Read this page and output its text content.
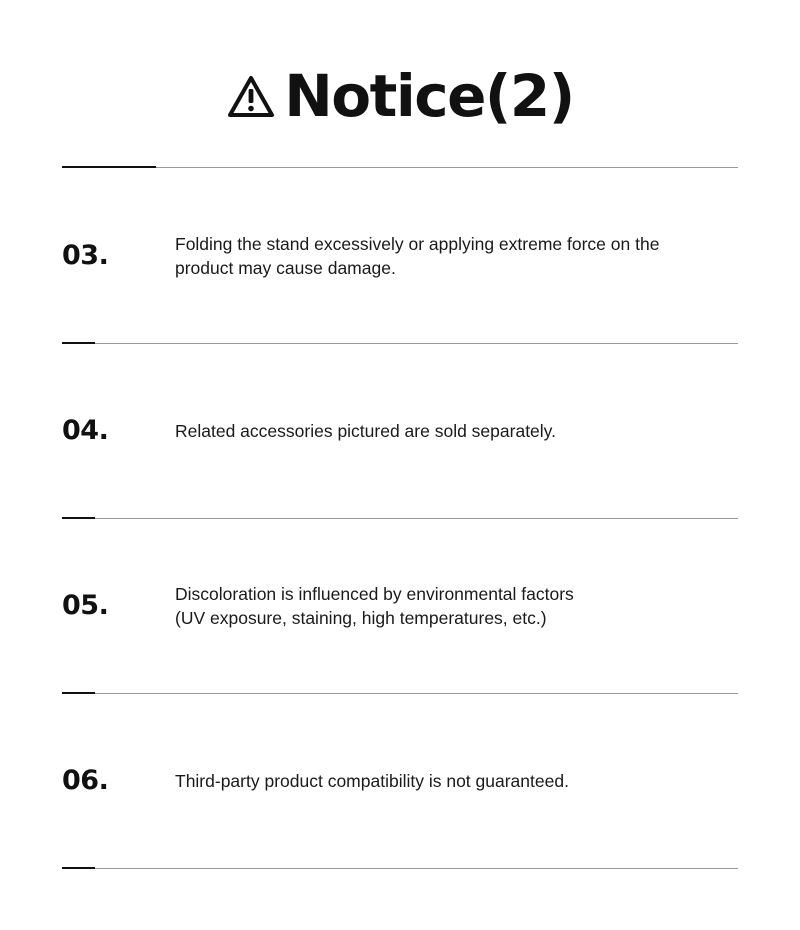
Notice(2)
03.	Folding the stand excessively or applying extreme force on the
product may cause damage.
04.	Related accessories pictured are sold separately.
05.	Discoloration is influenced by environmental factors
(UV exposure, staining, high temperatures, etc.)
06.	Third-party product compatibility is not guaranteed.
